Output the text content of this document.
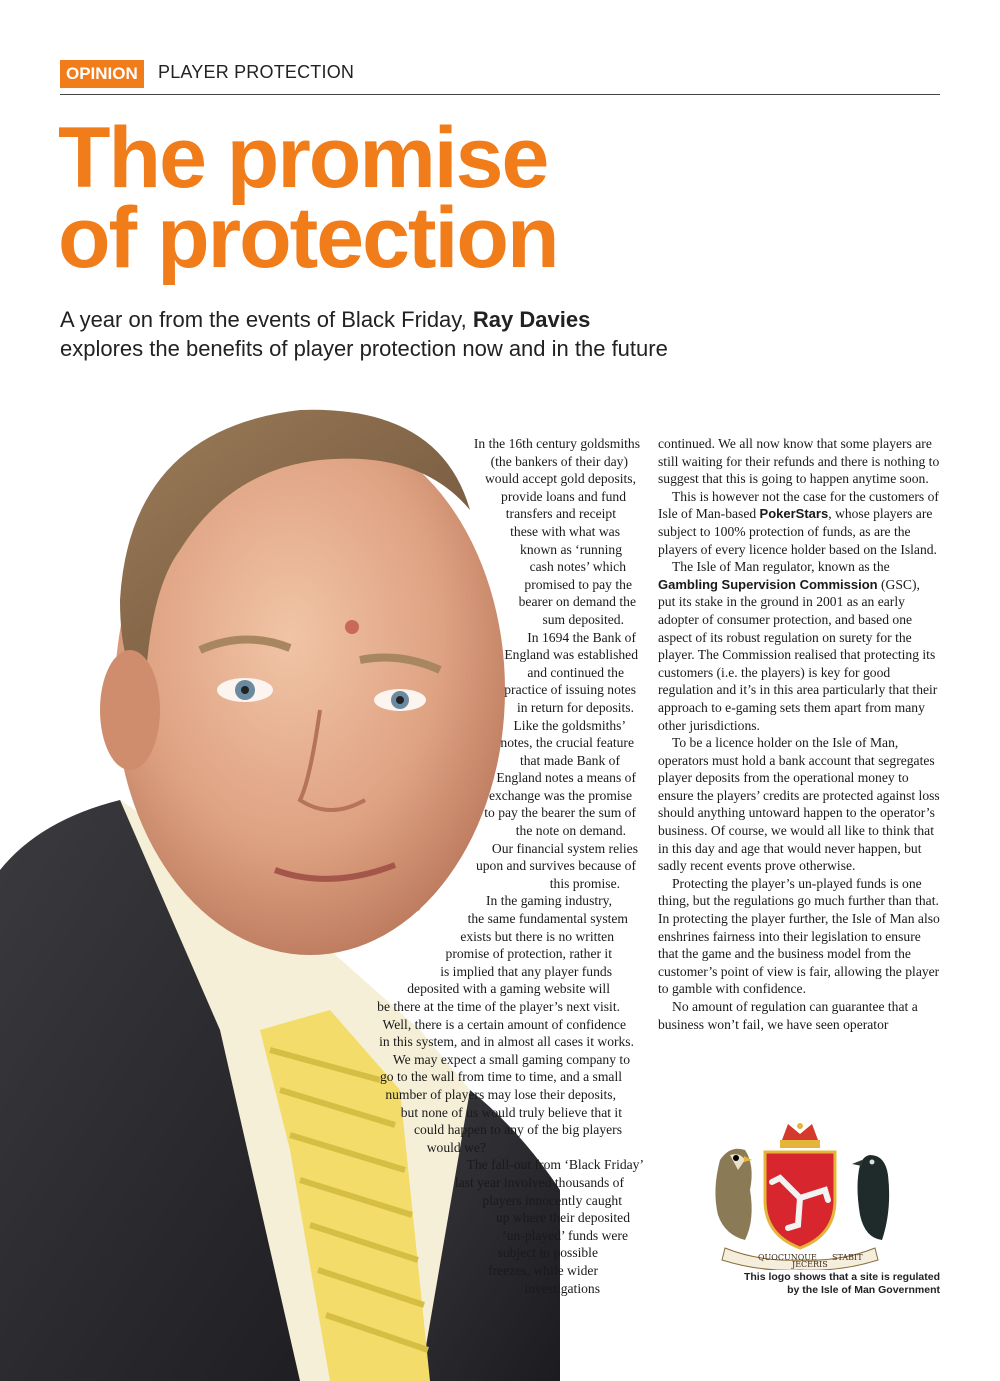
OPINION	PLAYER PROTECTION
The promise
of protection

A year on from the events of Black Friday, Ray Davies
explores the benefits of player protection now and in the future

In the 16th century goldsmiths
(the bankers of their day)
would accept gold deposits,
provide loans and fund
transfers and receipt
these with what was
known as ‘running
cash notes’ which
promised to pay the
bearer on demand the
sum deposited.
In 1694 the Bank of
England was established
and continued the
practice of issuing notes
in return for deposits.
Like the goldsmiths’
notes, the crucial feature
that made Bank of
England notes a means of
exchange was the promise
to pay the bearer the sum of
the note on demand.
Our financial system relies
upon and survives because of
this promise.
In the gaming industry,
the same fundamental system
exists but there is no written
promise of protection, rather it
is implied that any player funds
deposited with a gaming website will
be there at the time of the player’s next visit.
Well, there is a certain amount of confidence
in this system, and in almost all cases it works.
We may expect a small gaming company to
go to the wall from time to time, and a small
number of players may lose their deposits,
but none of us would truly believe that it
could happen to any of the big players
would we?
The fall-out from ‘Black Friday’
last year involved thousands of
players innocently caught
up where their deposited
‘un-played’ funds were
subject to possible
freezes, while wider
investigations

continued. We all now know that some players are still waiting for their refunds and there is nothing to suggest that this is going to happen anytime soon.

This is however not the case for the customers of Isle of Man-based PokerStars, whose players are subject to 100% protection of funds, as are the players of every licence holder based on the Island.

The Isle of Man regulator, known as the Gambling Supervision Commission (GSC), put its stake in the ground in 2001 as an early adopter of consumer protection, and based one aspect of its robust regulation on surety for the player. The Commission realised that protecting its customers (i.e. the players) is key for good regulation and it’s in this area particularly that their approach to e-gaming sets them apart from many other jurisdictions.

To be a licence holder on the Isle of Man, operators must hold a bank account that segregates player deposits from the operational money to ensure the players’ credits are protected against loss should anything untoward happen to the operator’s business. Of course, we would all like to think that in this day and age that would never happen, but sadly recent events prove otherwise.

Protecting the player’s un-played funds is one thing, but the regulations go much further than that. In protecting the player further, the Isle of Man also enshrines fairness into their legislation to ensure that the game and the business model from the customer’s point of view is fair, allowing the player to gamble with confidence.

No amount of regulation can guarantee that a business won’t fail, we have seen operator

QUOCUNQUE
JECERIS
STABIT
This logo shows that a site is regulated
by the Isle of Man Government
